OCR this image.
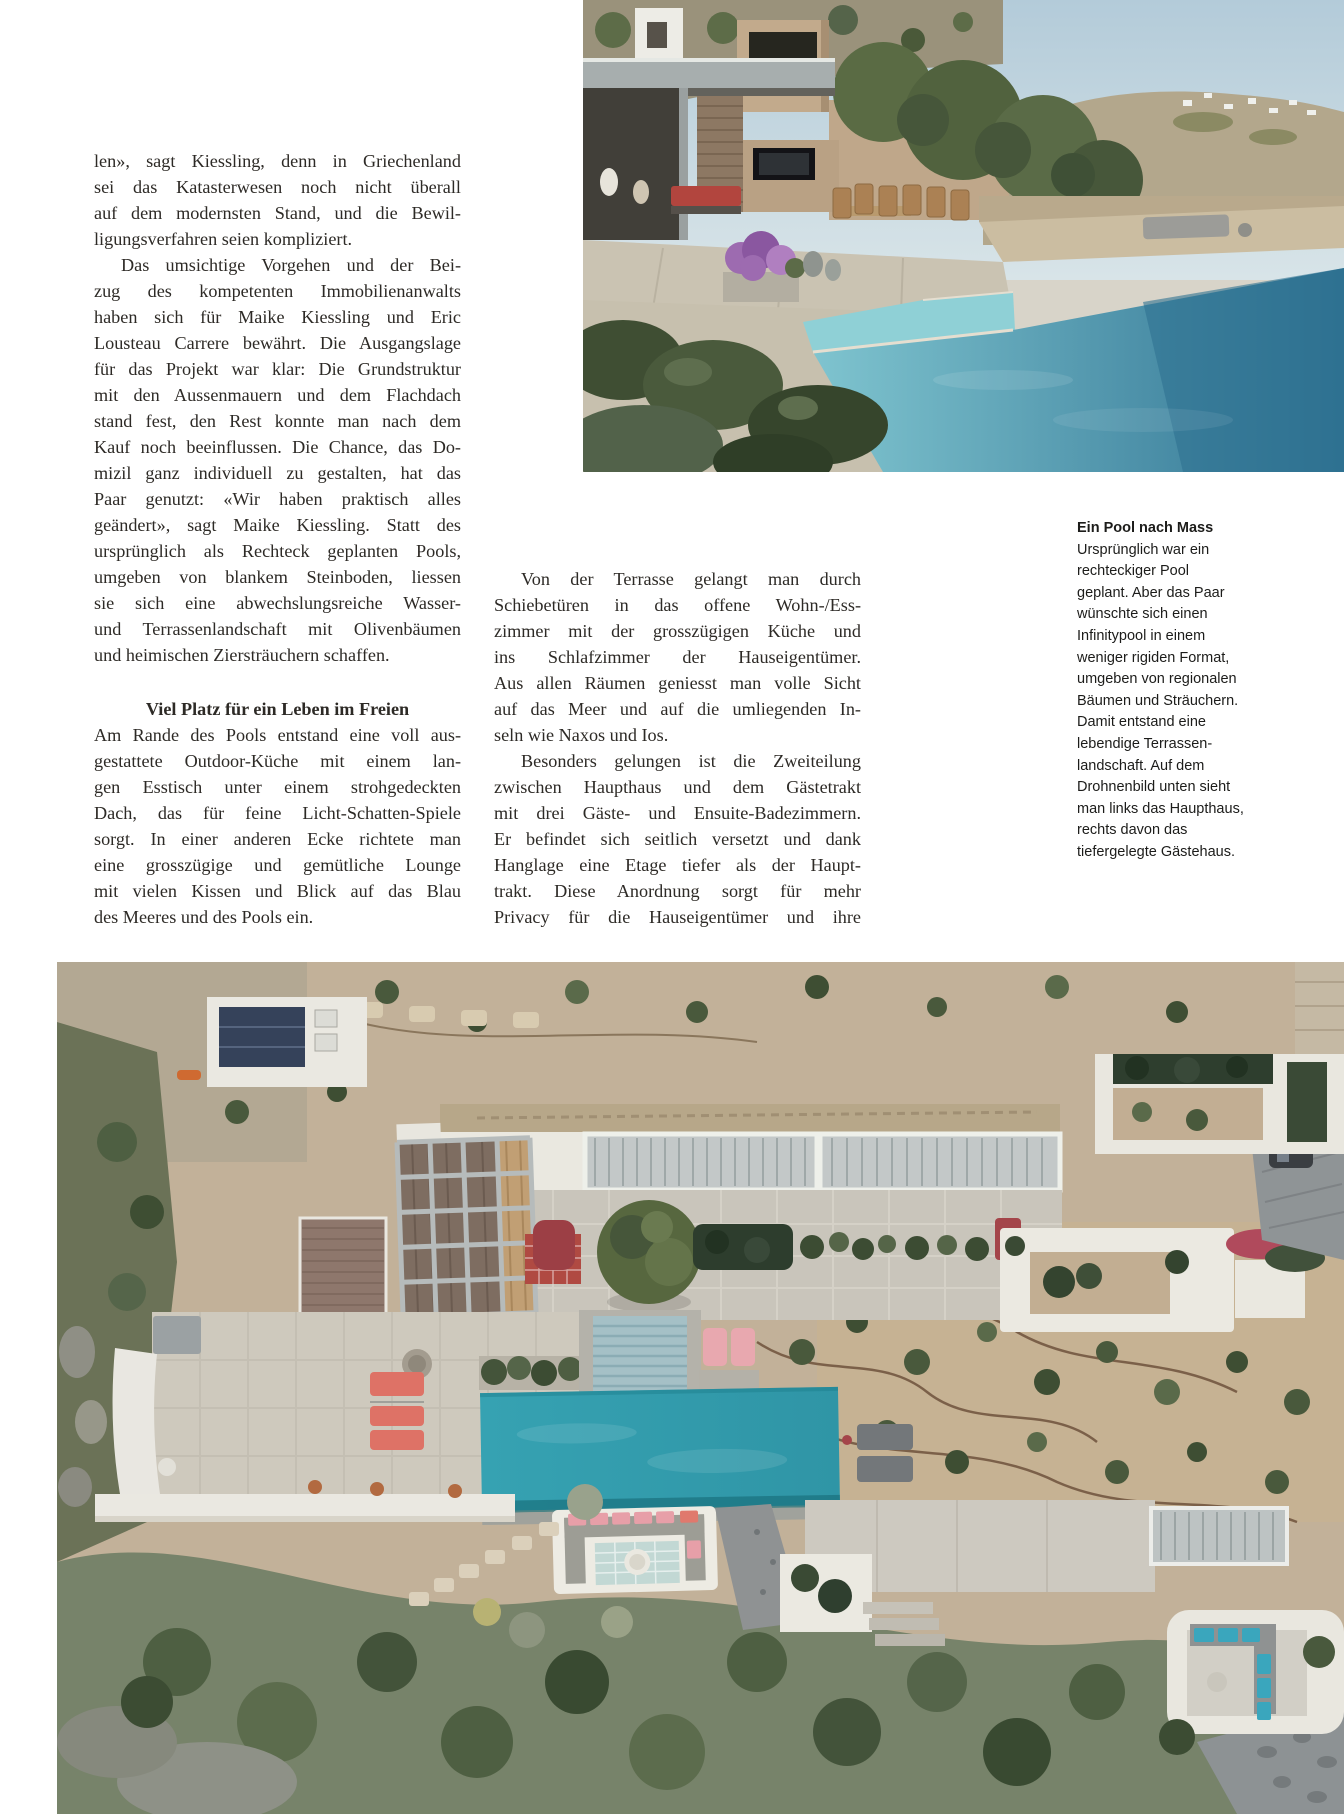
len», sagt Kiessling, denn in Griechenland
sei das Katasterwesen noch nicht überall
auf dem modernsten Stand, und die Bewil-
ligungsverfahren seien kompliziert.
Das umsichtige Vorgehen und der Bei-
zug des kompetenten Immobilienanwalts
haben sich für Maike Kiessling und Eric
Lousteau Carrere bewährt. Die Ausgangslage
für das Projekt war klar: Die Grundstruktur
mit den Aussenmauern und dem Flachdach
stand fest, den Rest konnte man nach dem
Kauf noch beeinflussen. Die Chance, das Do-
mizil ganz individuell zu gestalten, hat das
Paar genutzt: «Wir haben praktisch alles
geändert», sagt Maike Kiessling. Statt des
ursprünglich als Rechteck geplanten Pools,
umgeben von blankem Steinboden, liessen
sie sich eine abwechslungsreiche Wasser-
und Terrassenlandschaft mit Olivenbäumen
und heimischen Ziersträuchern schaffen.
Viel Platz für ein Leben im Freien
Am Rande des Pools entstand eine voll aus-
gestattete Outdoor-Küche mit einem lan-
gen Esstisch unter einem strohgedeckten
Dach, das für feine Licht-Schatten-Spiele
sorgt. In einer anderen Ecke richtete man
eine grosszügige und gemütliche Lounge
mit vielen Kissen und Blick auf das Blau
des Meeres und des Pools ein.
Von der Terrasse gelangt man durch
Schiebetüren in das offene Wohn-/Ess-
zimmer mit der grosszügigen Küche und
ins Schlafzimmer der Hauseigentümer.
Aus allen Räumen geniesst man volle Sicht
auf das Meer und auf die umliegenden In-
seln wie Naxos und Ios.
Besonders gelungen ist die Zweiteilung
zwischen Haupthaus und dem Gästetrakt
mit drei Gäste- und Ensuite-Badezimmern.
Er befindet sich seitlich versetzt und dank
Hanglage eine Etage tiefer als der Haupt-
trakt. Diese Anordnung sorgt für mehr
Privacy für die Hauseigentümer und ihre
Ein Pool nach Mass
Ursprünglich war ein
rechteckiger Pool
geplant. Aber das Paar
wünschte sich einen
Infinitypool in einem
weniger rigiden Format,
umgeben von regionalen
Bäumen und Sträuchern.
Damit entstand eine
lebendige Terrassen-
landschaft. Auf dem
Drohnenbild unten sieht
man links das Haupthaus,
rechts davon das
tiefergelegte Gästehaus.
